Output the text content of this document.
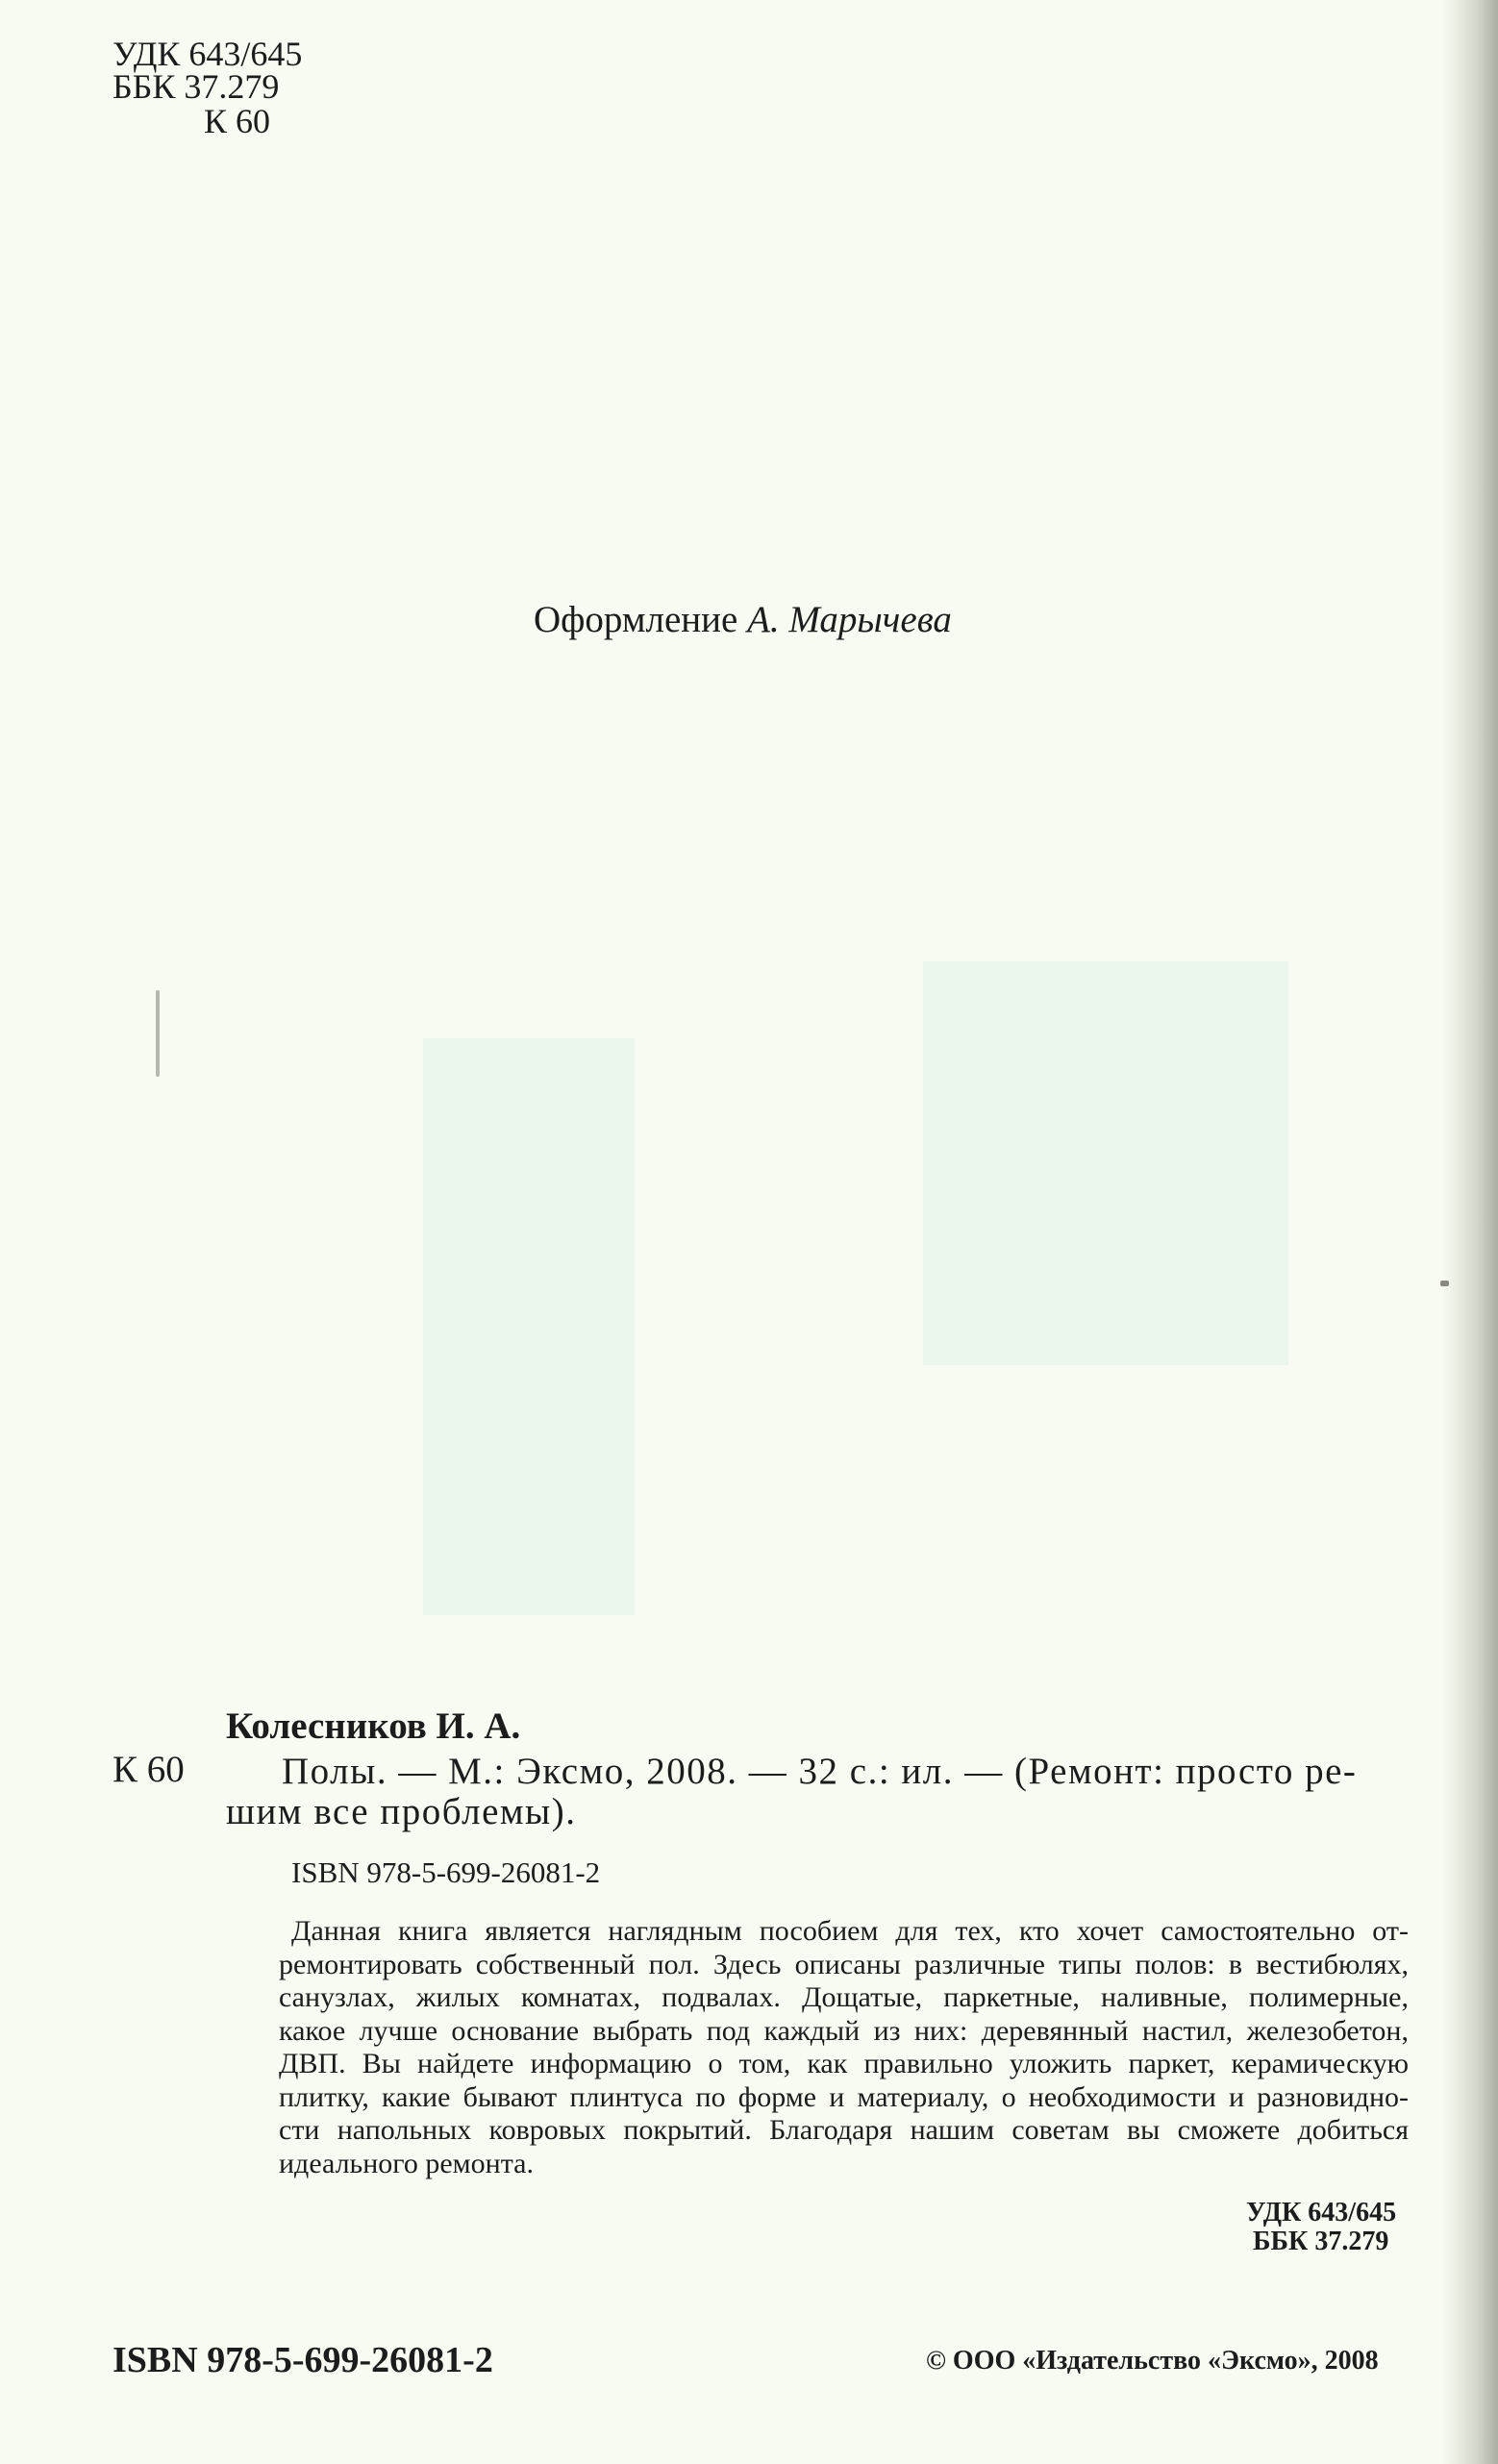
УДК 643/645
ББК 37.279
К 60
Оформление А. Марычева
Колесников И. А.
К 60	Полы. — М.: Эксмо, 2008. — 32 с.: ил. — (Ремонт: просто ре-
шим все проблемы).
ISBN 978-5-699-26081-2
Данная книга является наглядным пособием для тех, кто хочет самостоятельно от-
ремонтировать собственный пол. Здесь описаны различные типы полов: в вестибюлях,
санузлах, жилых комнатах, подвалах. Дощатые, паркетные, наливные, полимерные,
какое лучше основание выбрать под каждый из них: деревянный настил, железобетон,
ДВП. Вы найдете информацию о том, как правильно уложить паркет, керамическую
плитку, какие бывают плинтуса по форме и материалу, о необходимости и разновидно-
сти напольных ковровых покрытий. Благодаря нашим советам вы сможете добиться
идеального ремонта.
УДК 643/645
ББК 37.279
ISBN 978-5-699-26081-2	© ООО «Издательство «Эксмо», 2008
